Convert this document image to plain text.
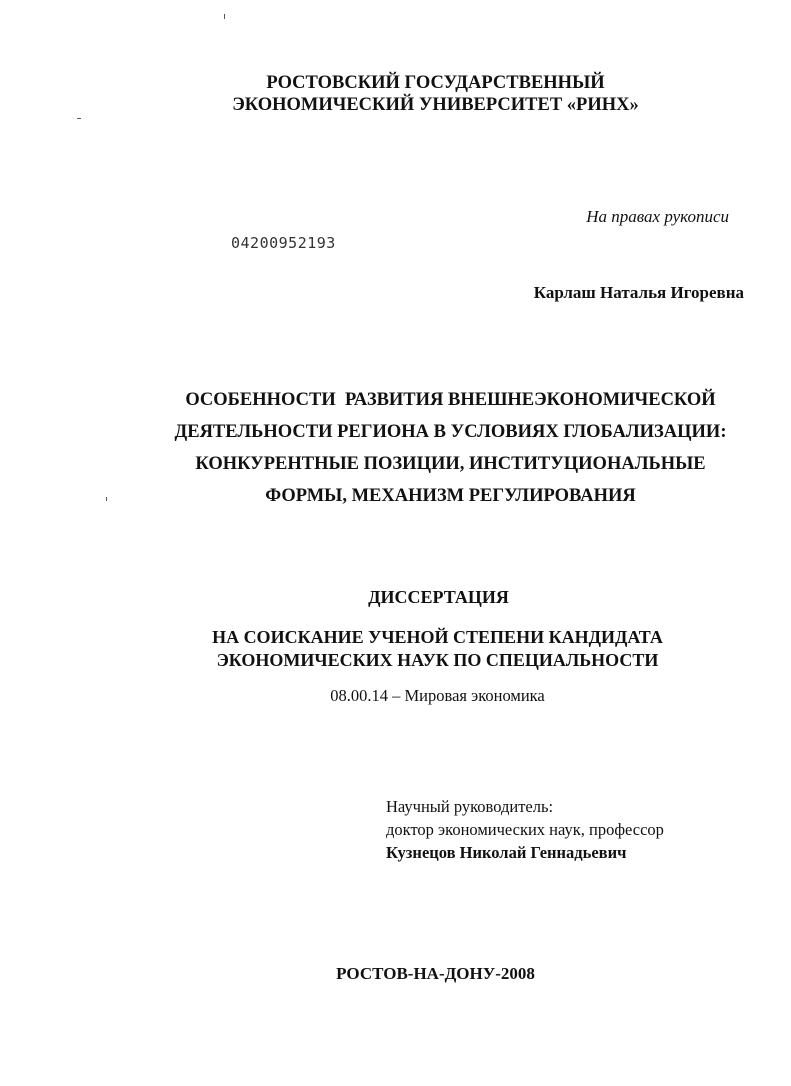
РОСТОВСКИЙ ГОСУДАРСТВЕННЫЙ
ЭКОНОМИЧЕСКИЙ УНИВЕРСИТЕТ «РИНХ»
На правах рукописи
04200952193
Карлаш Наталья Игоревна
ОСОБЕННОСТИ  РАЗВИТИЯ ВНЕШНЕЭКОНОМИЧЕСКОЙ
ДЕЯТЕЛЬНОСТИ РЕГИОНА В УСЛОВИЯХ ГЛОБАЛИЗАЦИИ:
КОНКУРЕНТНЫЕ ПОЗИЦИИ, ИНСТИТУЦИОНАЛЬНЫЕ
ФОРМЫ, МЕХАНИЗМ РЕГУЛИРОВАНИЯ
ДИССЕРТАЦИЯ
НА СОИСКАНИЕ УЧЕНОЙ СТЕПЕНИ КАНДИДАТА
ЭКОНОМИЧЕСКИХ НАУК ПО СПЕЦИАЛЬНОСТИ
08.00.14 – Мировая экономика
Научный руководитель:
доктор экономических наук, профессор
Кузнецов Николай Геннадьевич
РОСТОВ-НА-ДОНУ-2008
